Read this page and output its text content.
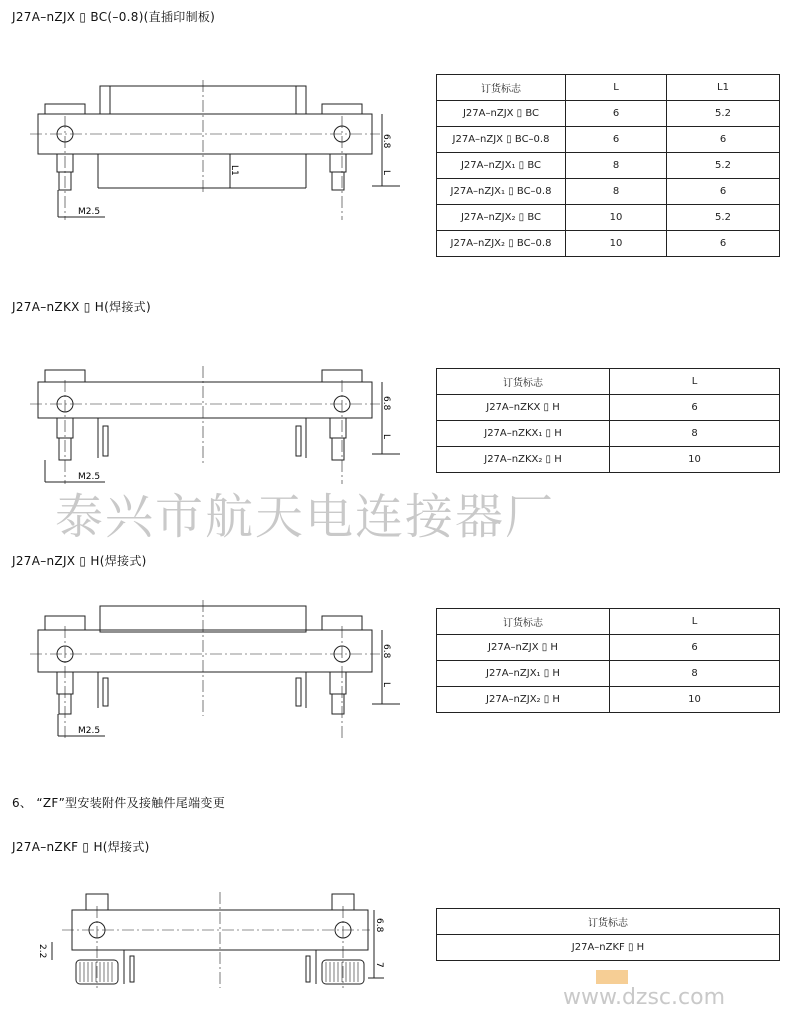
J27A–nZJX ▯ BC(–0.8)(直插印制板)
6.8
L
L1
M2.5
订货标志	L	L1
J27A–nZJX ▯ BC	6	5.2
J27A–nZJX ▯ BC–0.8	6	6
J27A–nZJX₁ ▯ BC	8	5.2
J27A–nZJX₁ ▯ BC–0.8	8	6
J27A–nZJX₂ ▯ BC	10	5.2
J27A–nZJX₂ ▯ BC–0.8	10	6
J27A–nZKX ▯ H(焊接式)
6.8
L
M2.5
订货标志	L
J27A–nZKX ▯ H	6
J27A–nZKX₁ ▯ H	8
J27A–nZKX₂ ▯ H	10
泰兴市航天电连接器厂
J27A–nZJX ▯ H(焊接式)
6.8
L
M2.5
订货标志	L
J27A–nZJX ▯ H	6
J27A–nZJX₁ ▯ H	8
J27A–nZJX₂ ▯ H	10
6、 “ZF”型安装附件及接触件尾端变更
J27A–nZKF ▯ H(焊接式)
6.8
7
2.2
订货标志
J27A–nZKF ▯ H
www.dzsc.com
